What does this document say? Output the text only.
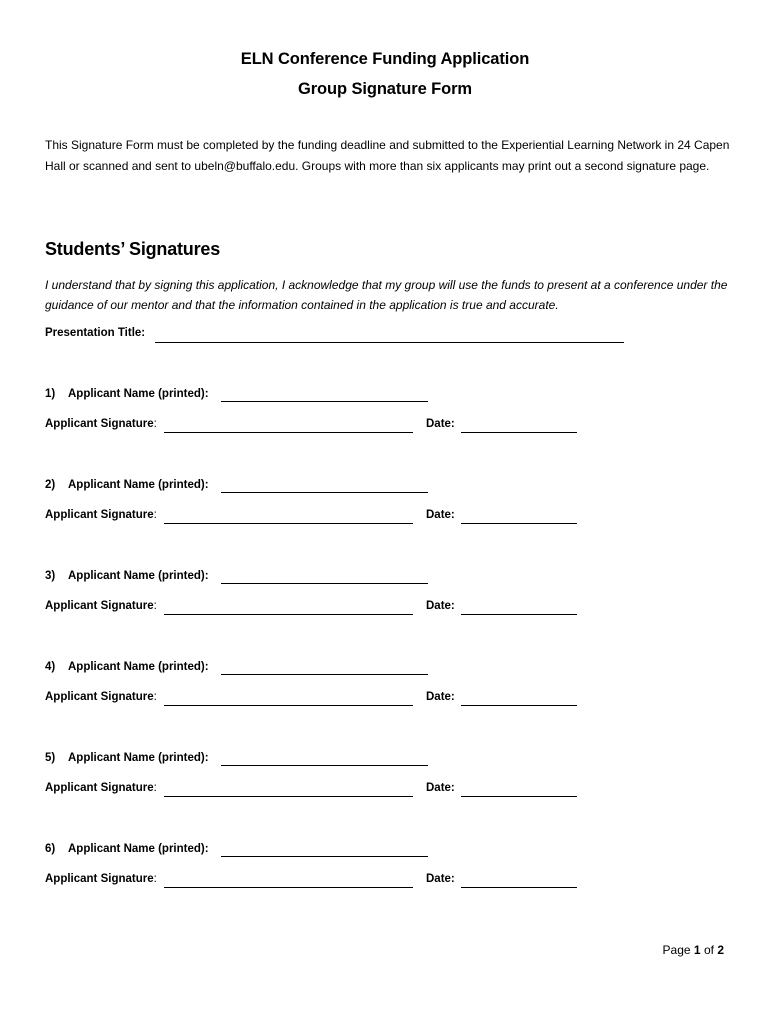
ELN Conference Funding Application
Group Signature Form
This Signature Form must be completed by the funding deadline and submitted to the Experiential Learning Network in 24 Capen Hall or scanned and sent to ubeln@buffalo.edu. Groups with more than six applicants may print out a second signature page.
Students’ Signatures
I understand that by signing this application, I acknowledge that my group will use the funds to present at a conference under the guidance of our mentor and that the information contained in the application is true and accurate.
Presentation Title:
1) Applicant Name (printed):
Applicant Signature:	Date:
2) Applicant Name (printed):
Applicant Signature:	Date:
3) Applicant Name (printed):
Applicant Signature:	Date:
4) Applicant Name (printed):
Applicant Signature:	Date:
5) Applicant Name (printed):
Applicant Signature:	Date:
6) Applicant Name (printed):
Applicant Signature:	Date:
Page 1 of 2
